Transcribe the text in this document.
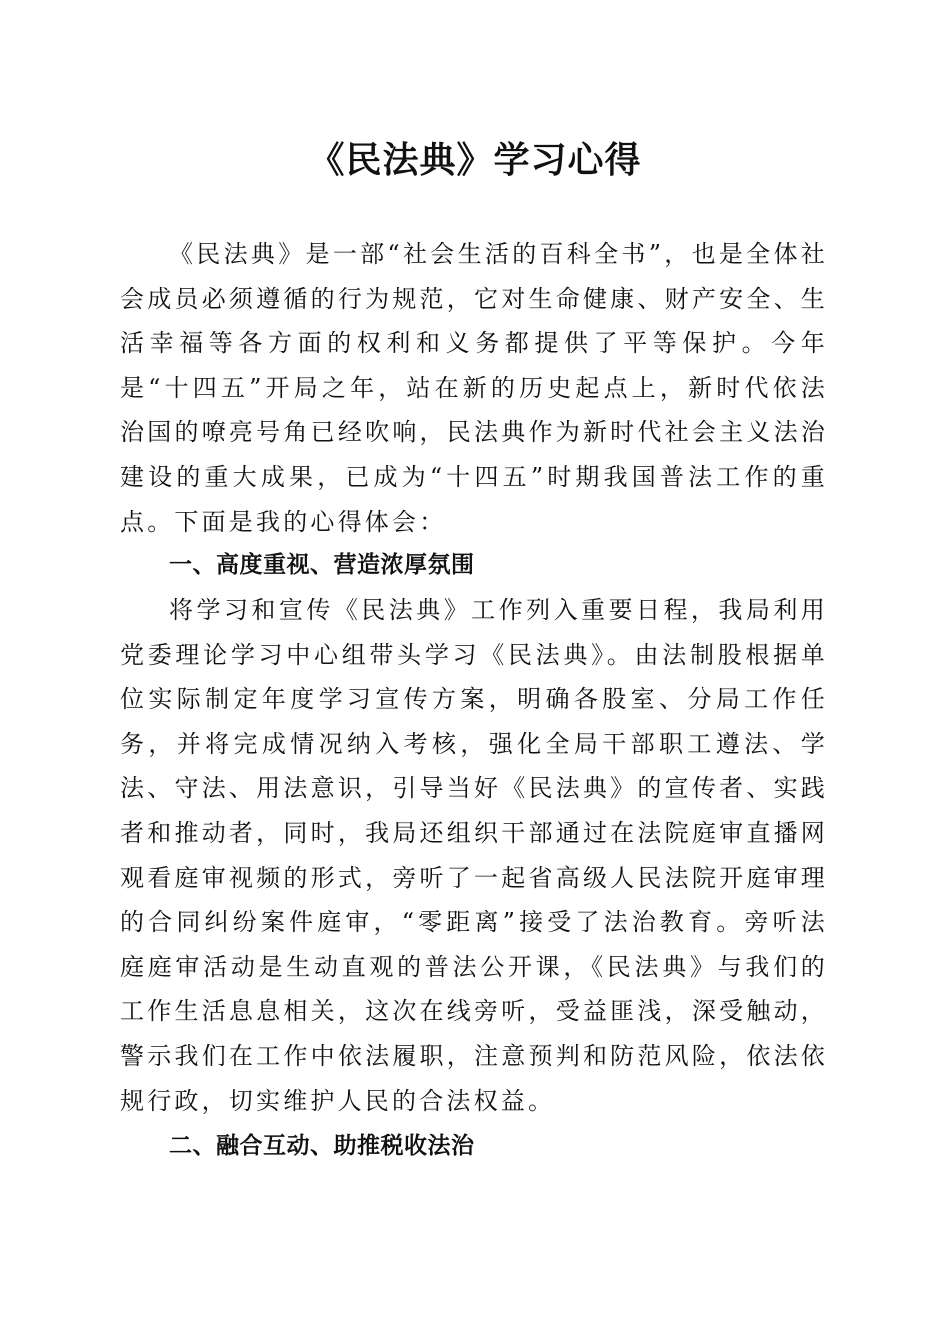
《民法典》学习心得

《民法典》是一部“社会生活的百科全书”，也是全体社会成员必须遵循的行为规范，它对生命健康、财产安全、生活幸福等各方面的权利和义务都提供了平等保护。今年是“十四五”开局之年，站在新的历史起点上，新时代依法治国的嘹亮号角已经吹响，民法典作为新时代社会主义法治建设的重大成果，已成为“十四五”时期我国普法工作的重点。下面是我的心得体会：

一、高度重视、营造浓厚氛围

将学习和宣传《民法典》工作列入重要日程，我局利用党委理论学习中心组带头学习《民法典》。由法制股根据单位实际制定年度学习宣传方案，明确各股室、分局工作任务，并将完成情况纳入考核，强化全局干部职工遵法、学法、守法、用法意识，引导当好《民法典》的宣传者、实践者和推动者，同时，我局还组织干部通过在法院庭审直播网观看庭审视频的形式，旁听了一起省高级人民法院开庭审理的合同纠纷案件庭审，“零距离”接受了法治教育。旁听法庭庭审活动是生动直观的普法公开课，《民法典》与我们的工作生活息息相关，这次在线旁听，受益匪浅，深受触动，警示我们在工作中依法履职，注意预判和防范风险，依法依规行政，切实维护人民的合法权益。

二、融合互动、助推税收法治
